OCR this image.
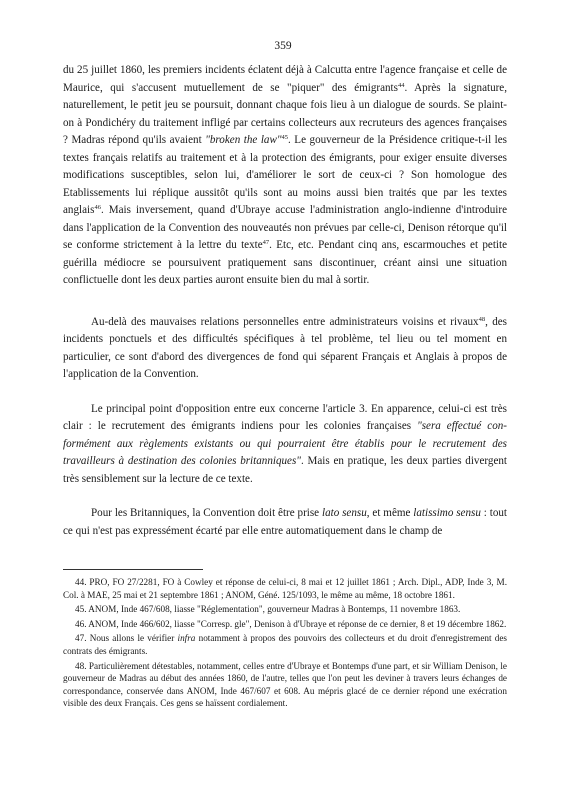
359

du 25 juillet 1860, les premiers incidents éclatent déjà à Calcutta entre l'agence française et celle de Maurice, qui s'accusent mutuellement de se "piquer" des émigrants$^{44}$. Après la signature, naturellement, le petit jeu se poursuit, donnant chaque fois lieu à un dialogue de sourds. Se plaint-on à Pondichéry du traitement infligé par certains collecteurs aux recruteurs des agences françaises ? Madras répond qu'ils avaient "broken the law"$^{45}$. Le gouverneur de la Présidence critique-t-il les textes français relatifs au traitement et à la protection des émigrants, pour exiger ensuite diverses modifications susceptibles, selon lui, d'améliorer le sort de ceux-ci ? Son homologue des Etablissements lui réplique aussitôt qu'ils sont au moins aussi bien traités que par les textes anglais$^{46}$. Mais inversement, quand d'Ubraye accuse l'administration anglo-indienne d'introduire dans l'application de la Convention des nouveautés non prévues par celle-ci, Denison rétorque qu'il se conforme strictement à la lettre du texte$^{47}$. Etc, etc. Pendant cinq ans, escarmouches et petite guérilla médiocre se poursuivent pratiquement sans discontinuer, créant ainsi une situation conflictuelle dont les deux parties auront ensuite bien du mal à sortir.

Au-delà des mauvaises relations personnelles entre administrateurs voisins et rivaux$^{48}$, des incidents ponctuels et des difficultés spécifiques à tel problème, tel lieu ou tel moment en particulier, ce sont d'abord des divergences de fond qui séparent Français et Anglais à propos de l'application de la Convention.

Le principal point d'opposition entre eux concerne l'article 3. En apparence, celui-ci est très clair : le recrutement des émigrants indiens pour les colonies françaises "sera effectué conformément aux règlements existants ou qui pourraient être établis pour le recrutement des travailleurs à destination des colonies britanniques". Mais en pratique, les deux parties divergent très sensiblement sur la lecture de ce texte.

Pour les Britanniques, la Convention doit être prise lato sensu, et même latissimo sensu : tout ce qui n'est pas expressément écarté par elle entre automatiquement dans le champ de

44. PRO, FO 27/2281, FO à Cowley et réponse de celui-ci, 8 mai et 12 juillet 1861 ; Arch. Dipl., ADP, Inde 3, M. Col. à MAE, 25 mai et 21 septembre 1861 ; ANOM, Géné. 125/1093, le même au même, 18 octobre 1861.

45. ANOM, Inde 467/608, liasse "Réglementation", gouverneur Madras à Bontemps, 11 novembre 1863.

46. ANOM, Inde 466/602, liasse "Corresp. gle", Denison à d'Ubraye et réponse de ce dernier, 8 et 19 décembre 1862.

47. Nous allons le vérifier infra notamment à propos des pouvoirs des collecteurs et du droit d'enregistrement des contrats des émigrants.

48. Particulièrement détestables, notamment, celles entre d'Ubraye et Bontemps d'une part, et sir William Denison, le gouverneur de Madras au début des années 1860, de l'autre, telles que l'on peut les deviner à travers leurs échanges de correspondance, conservée dans ANOM, Inde 467/607 et 608. Au mépris glacé de ce dernier répond une exécration visible des deux Français. Ces gens se haïssent cordialement.
